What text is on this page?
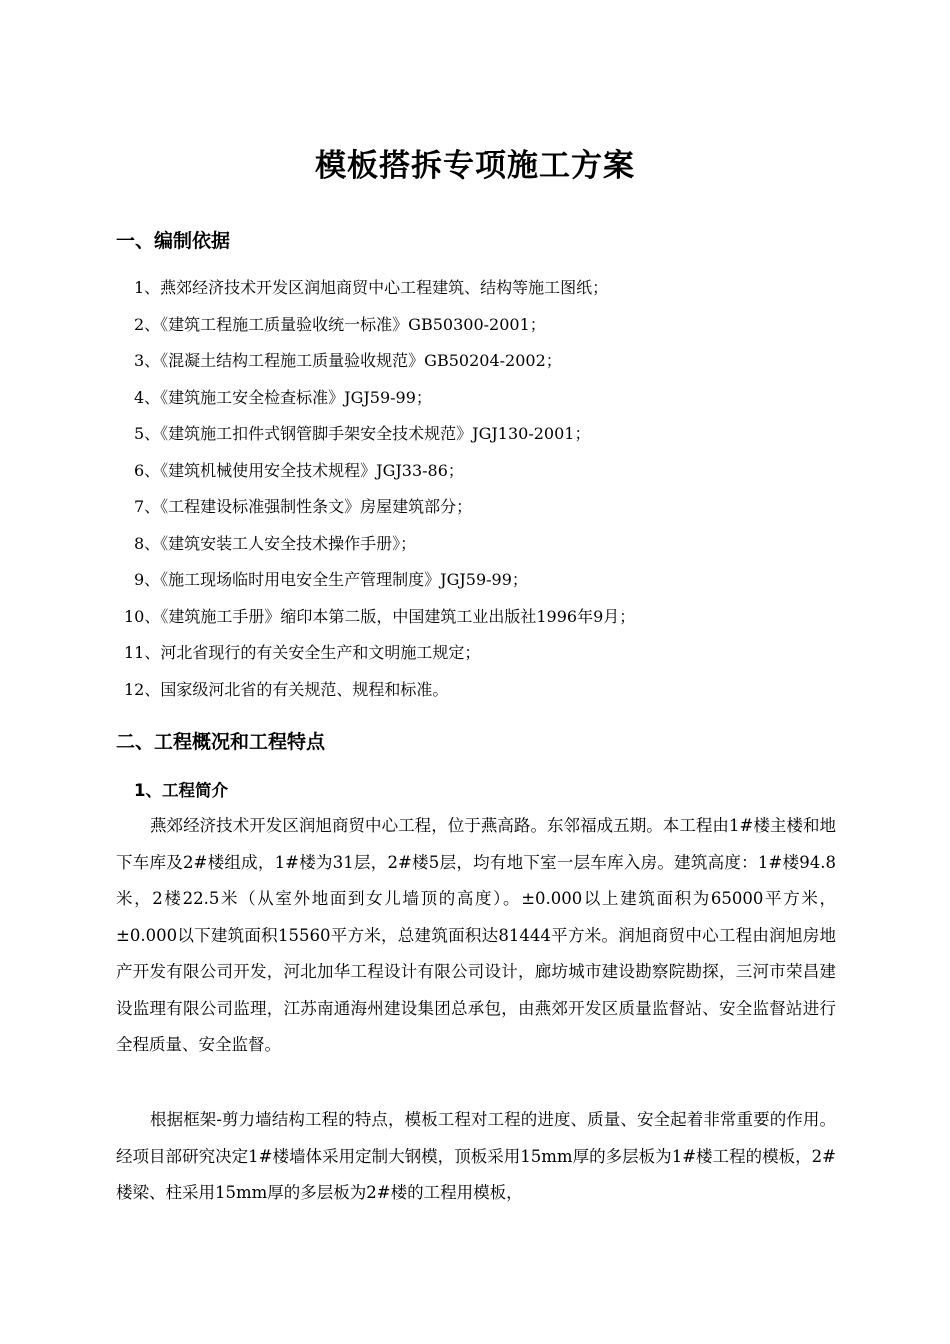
模板搭拆专项施工方案
一、编制依据
1、燕郊经济技术开发区润旭商贸中心工程建筑、结构等施工图纸；
2、《建筑工程施工质量验收统一标准》GB50300-2001；
3、《混凝土结构工程施工质量验收规范》GB50204-2002；
4、《建筑施工安全检查标准》JGJ59-99；
5、《建筑施工扣件式钢管脚手架安全技术规范》JGJ130-2001；
6、《建筑机械使用安全技术规程》JGJ33-86；
7、《工程建设标准强制性条文》房屋建筑部分；
8、《建筑安装工人安全技术操作手册》；
9、《施工现场临时用电安全生产管理制度》JGJ59-99；
10、《建筑施工手册》缩印本第二版，中国建筑工业出版社1996年9月；
11、河北省现行的有关安全生产和文明施工规定；
12、国家级河北省的有关规范、规程和标准。
二、工程概况和工程特点
1、工程简介

燕郊经济技术开发区润旭商贸中心工程，位于燕高路。东邻福成五期。本工程由1#楼主楼和地下车库及2#楼组成，1#楼为31层，2#楼5层，均有地下室一层车库入房。建筑高度：1#楼94.8米，2楼22.5米（从室外地面到女儿墙顶的高度）。±0.000以上建筑面积为65000平方米，±0.000以下建筑面积15560平方米，总建筑面积达81444平方米。润旭商贸中心工程由润旭房地产开发有限公司开发，河北加华工程设计有限公司设计，廊坊城市建设勘察院勘探，三河市荣昌建设监理有限公司监理，江苏南通海州建设集团总承包，由燕郊开发区质量监督站、安全监督站进行全程质量、安全监督。

根据框架-剪力墙结构工程的特点，模板工程对工程的进度、质量、安全起着非常重要的作用。经项目部研究决定1#楼墙体采用定制大钢模，顶板采用15mm厚的多层板为1#楼工程的模板，2#楼梁、柱采用15mm厚的多层板为2#楼的工程用模板，
